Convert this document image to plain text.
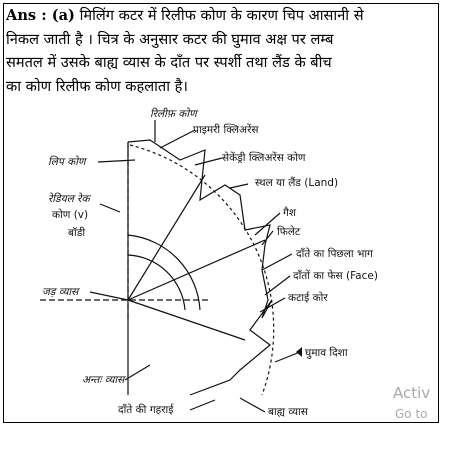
Ans : (a) मिलिंग कटर में रिलीफ कोण के कारण चिप आसानी से
निकल जाती है । चित्र के अनुसार कटर की घुमाव अक्ष पर लम्ब
समतल में उसके बाह्य व्यास के दाँत पर स्पर्शी तथा लैंड के बीच
का कोण रिलीफ कोण कहलाता है।
रिलीफ़ कोण
प्राइमरी क्लिअरेंस
सेकेंड्री क्लिअरेंस कोण
लिप कोण
स्थल या लैंड (Land)
रेडियल रेक
कोण (v)
बॉडी
गैश
फिलेट
दाँते का पिछला भाग
दाँतों का फेस (Face)
कटाई कोर
जड़ व्यास
घुमाव दिशा
अन्तः व्यास
दाँते की गहराई	बाह्य व्यास
Activ
Go to
